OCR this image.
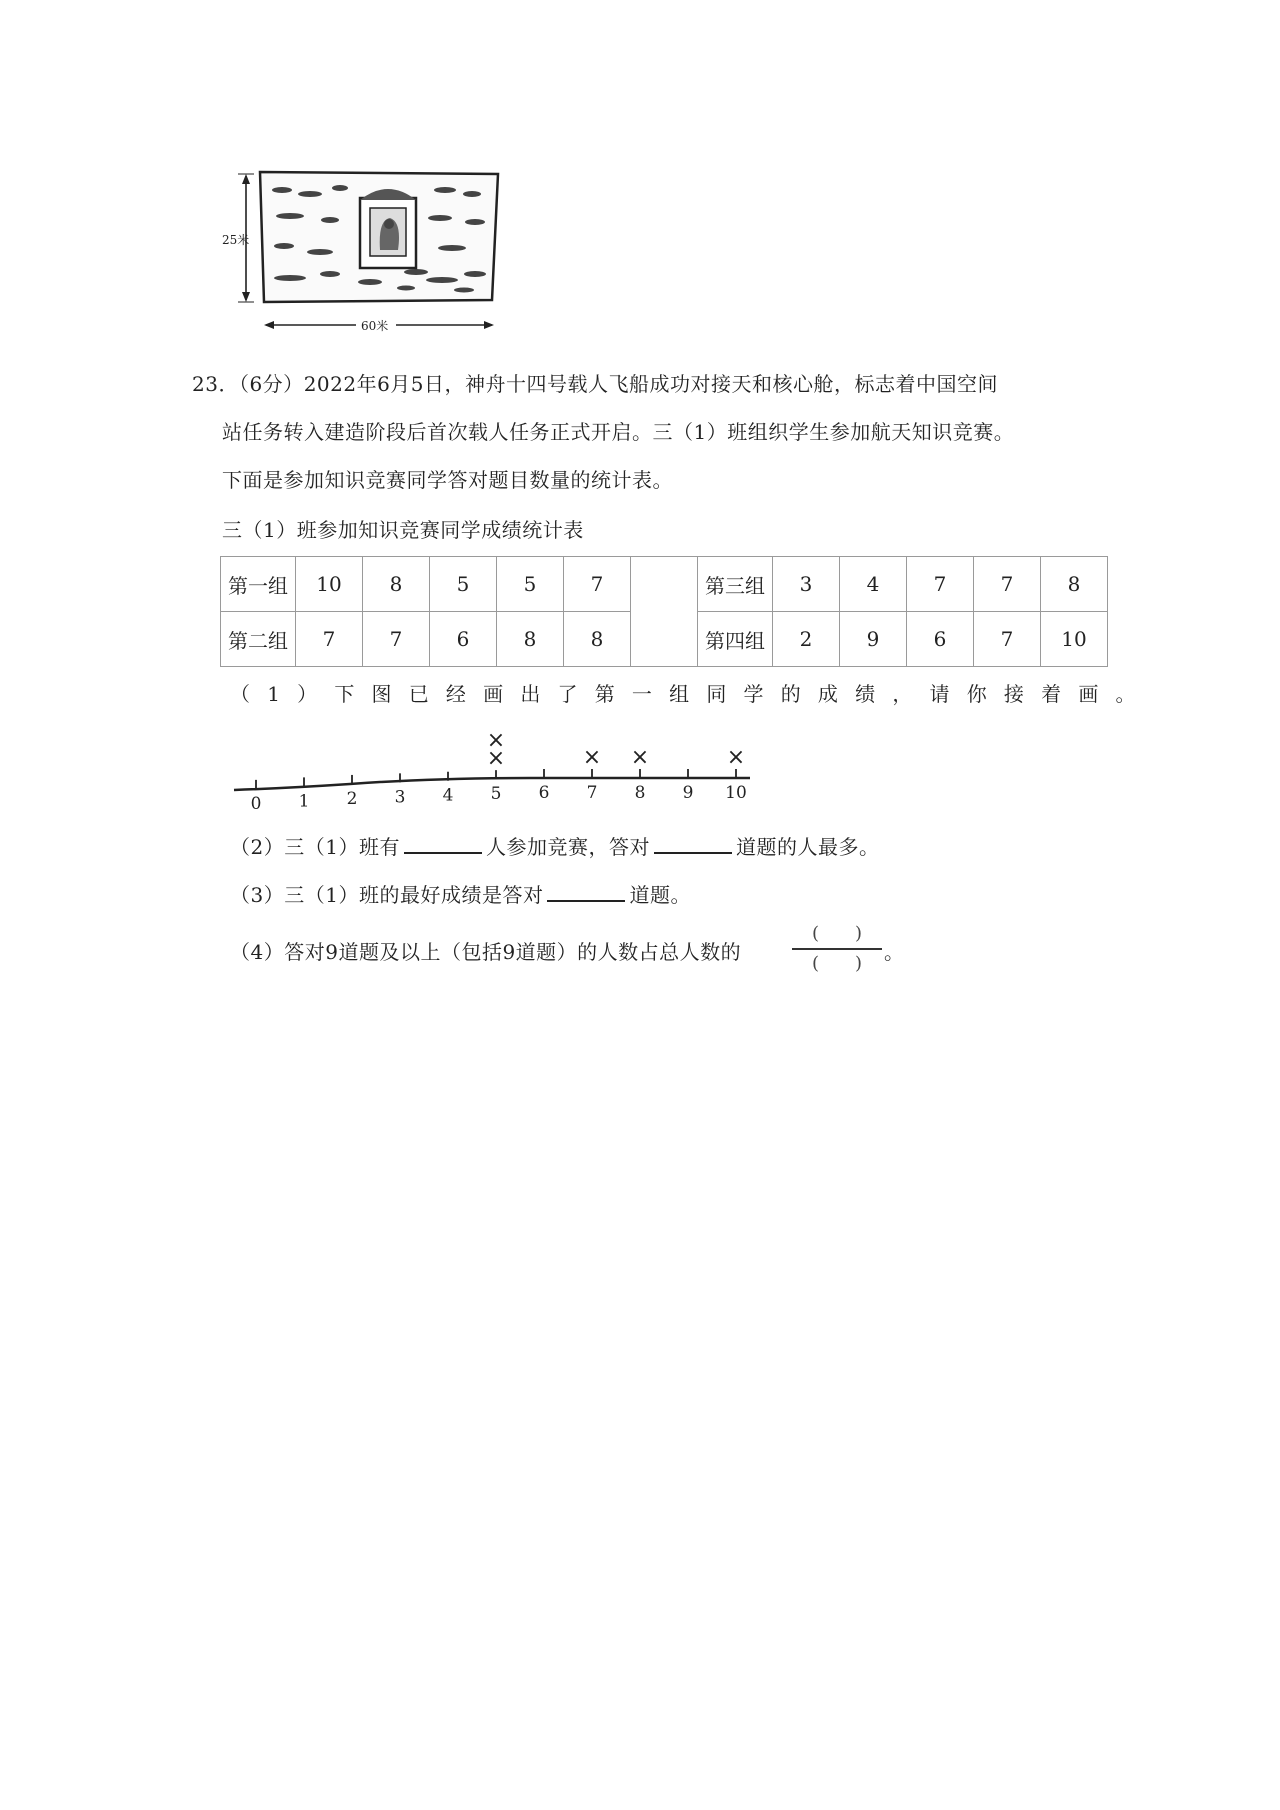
25米
60米
23．（6分）2022年6月5日，神舟十四号载人飞船成功对接天和核心舱，标志着中国空间
站任务转入建造阶段后首次载人任务正式开启。三（1）班组织学生参加航天知识竞赛。
下面是参加知识竞赛同学答对题目数量的统计表。
三（1）班参加知识竞赛同学成绩统计表
第一组	10	8	5	5	7		第三组	3	4	7	7	8
第二组	7	7	6	8	8		第四组	2	9	6	7	10
（1）下图已经画出了第一组同学的成绩，请你接着画。
0 1 2 3 4 5 6 7 8 9 10
×
×
× ×	×
（2）三（1）班有	人参加竞赛，答对	道题的人最多。
（3）三（1）班的最好成绩是答对	道题。
（4）答对9道题及以上（包括9道题）的人数占总人数的
(　　)
(　　)	。
